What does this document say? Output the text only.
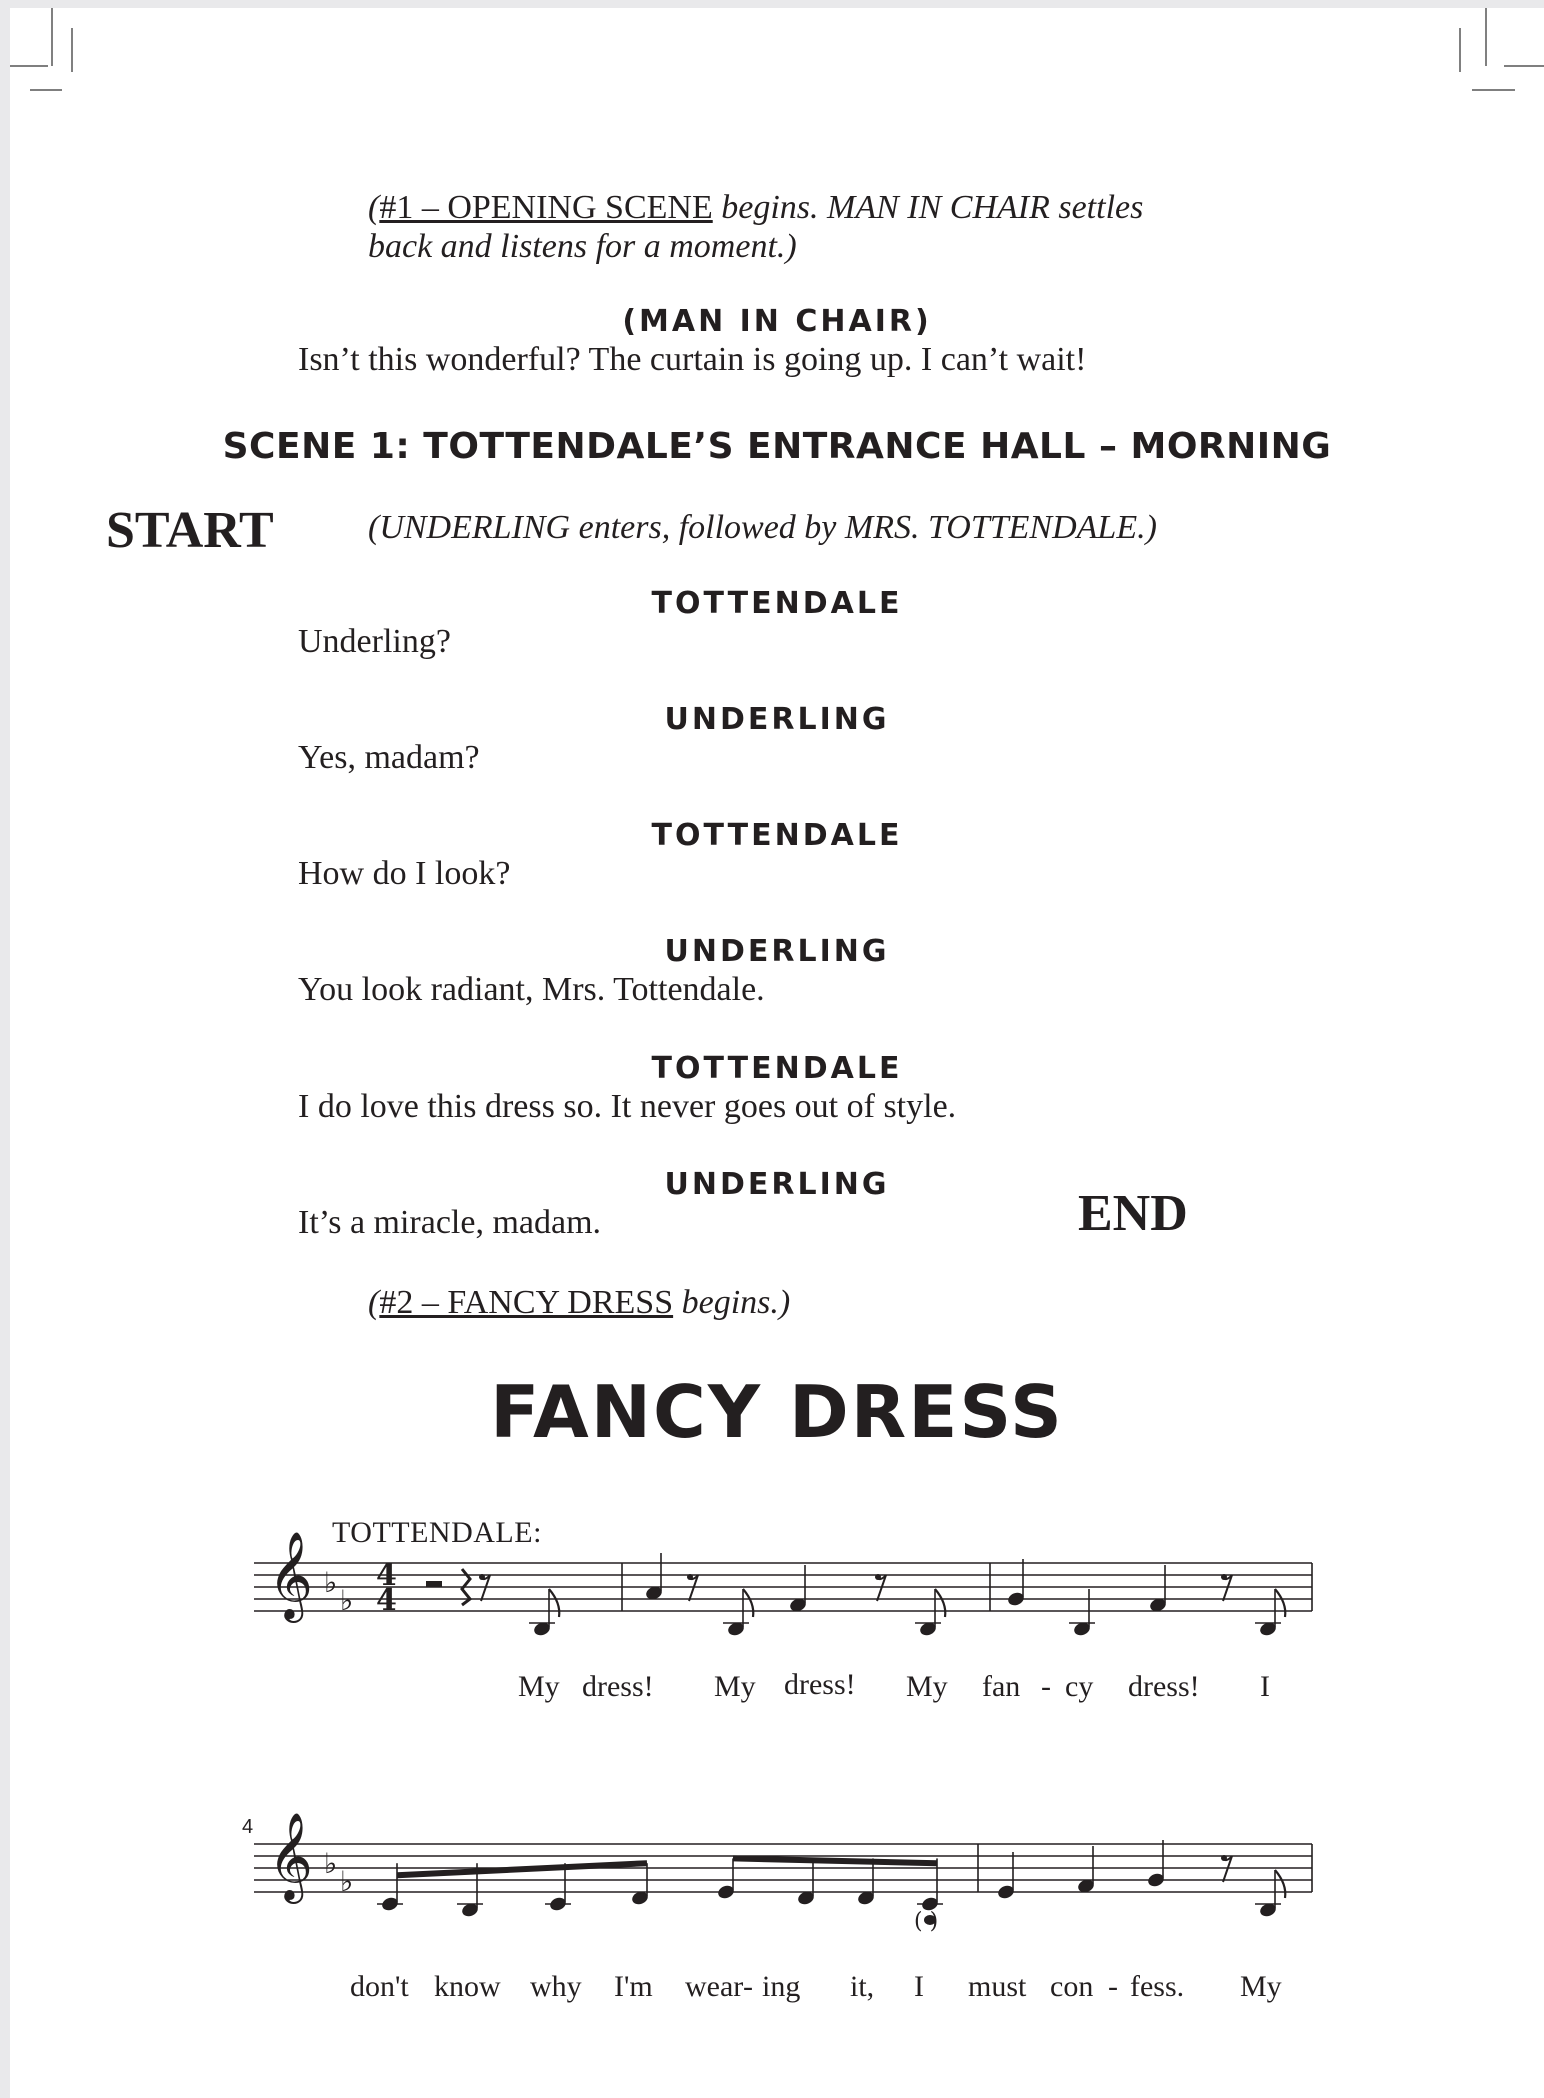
(#1 – OPENING SCENE begins. MAN IN CHAIR settles
back and listens for a moment.)
(MAN IN CHAIR)
Isn’t this wonderful? The curtain is going up. I can’t wait!
SCENE 1: TOTTENDALE’S ENTRANCE HALL – MORNING
START	(UNDERLING enters, followed by MRS. TOTTENDALE.)
TOTTENDALE
Underling?
UNDERLING
Yes, madam?
TOTTENDALE
How do I look?
UNDERLING
You look radiant, Mrs. Tottendale.
TOTTENDALE
I do love this dress so. It never goes out of style.
UNDERLING
It’s a miracle, madam.	END
(#2 – FANCY DRESS begins.)
FANCY DRESS
TOTTENDALE:
4
𝄞 ♭
♭
4
4
𝄞 ♭
♭
( )
My dress! My dress! My fan - cy dress! I
don't know why I'm wear - ing it, I must con - fess. My
